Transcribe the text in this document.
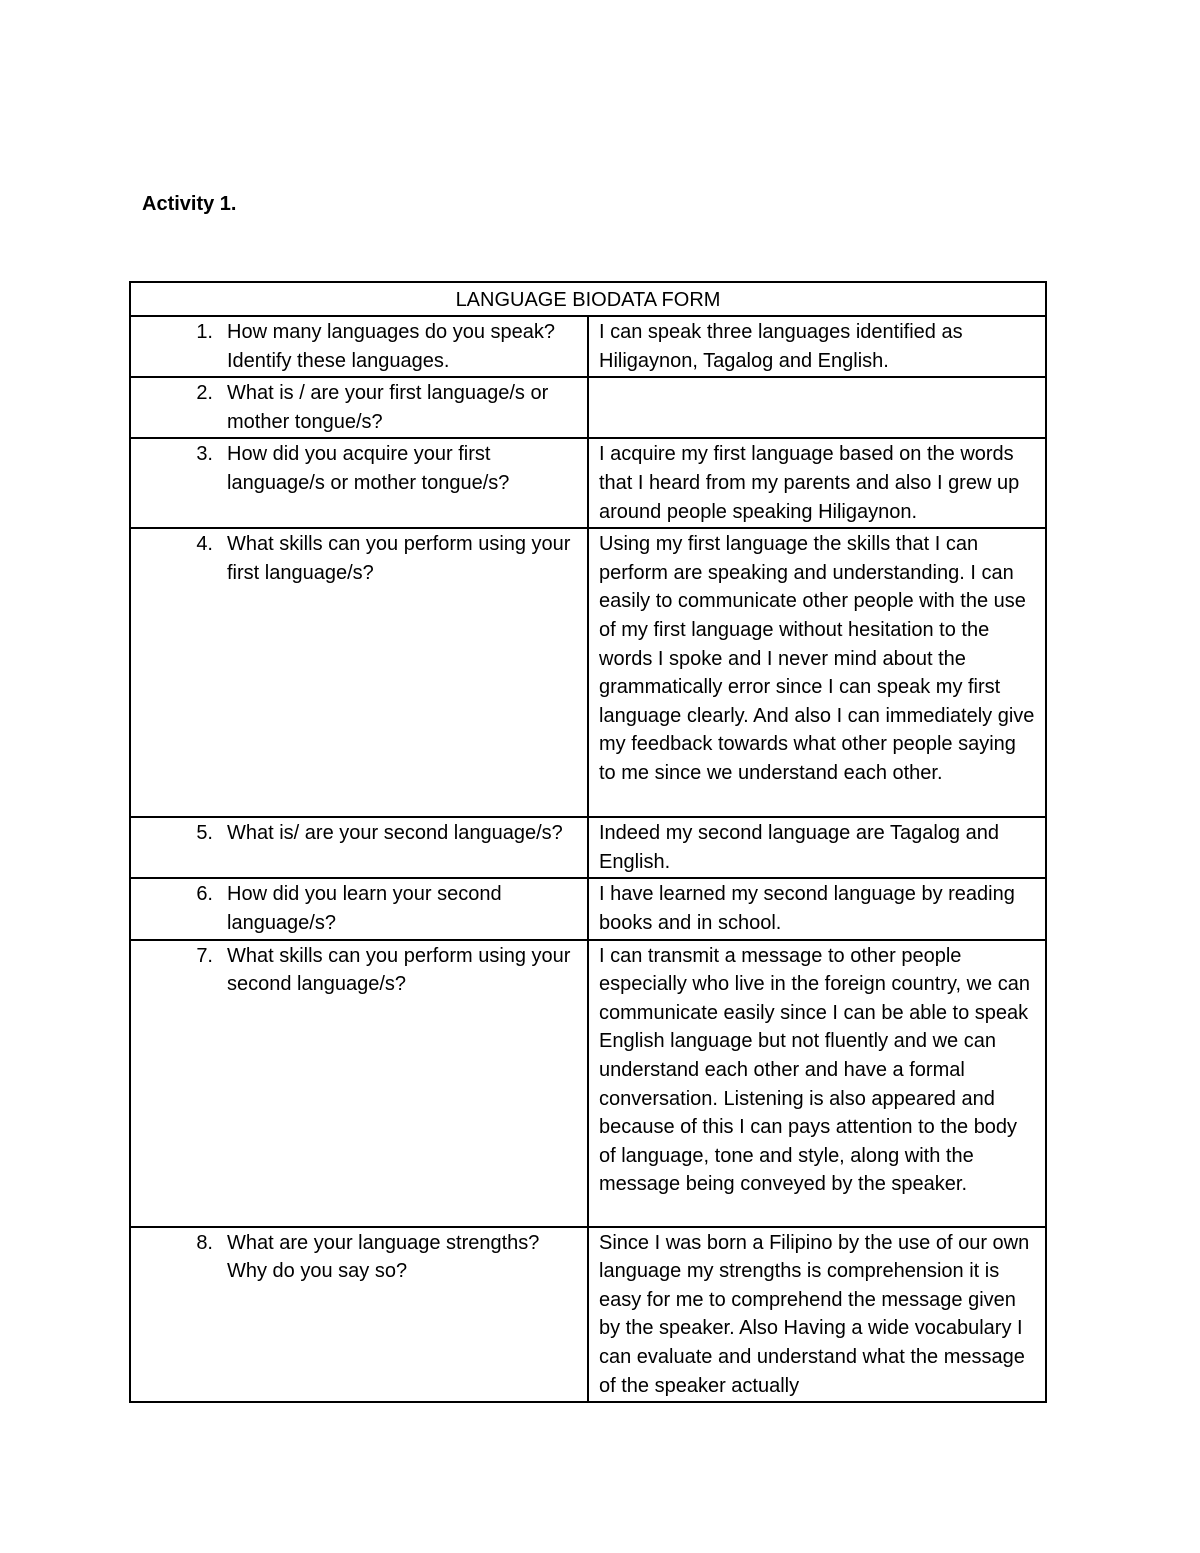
Activity 1.

LANGUAGE BIODATA FORM	

1. How many languages do you speak? Identify these languages.	I can speak three languages identified as Hiligaynon, Tagalog and English.

2. What is / are your first language/s or mother tongue/s?	

3. How did you acquire your first language/s or mother tongue/s?	I acquire my first language based on the words that I heard from my parents and also I grew up around people speaking Hiligaynon.

4. What skills can you perform using your first language/s?	Using my first language the skills that I can perform are speaking and understanding. I can easily to communicate other people with the use of my first language without hesitation to the words I spoke and I never mind about the grammatically error since I can speak my first language clearly. And also I can immediately give my feedback towards what other people saying to me since we understand each other.

5. What is/ are your second language/s?	Indeed my second language are Tagalog and English.

6. How did you learn your second language/s?	I have learned my second language by reading books and in school.

7. What skills can you perform using your second language/s?	I can transmit a message to other people especially who live in the foreign country, we can communicate easily since I can be able to speak English language but not fluently and we can understand each other and have a formal conversation. Listening is also appeared and because of this I can pays attention to the body of language, tone and style, along with the message being conveyed by the speaker.

8. What are your language strengths? Why do you say so?	Since I was born a Filipino by the use of our own language my strengths is comprehension it is easy for me to comprehend the message given by the speaker. Also Having a wide vocabulary I can evaluate and understand what the message of the speaker actually
